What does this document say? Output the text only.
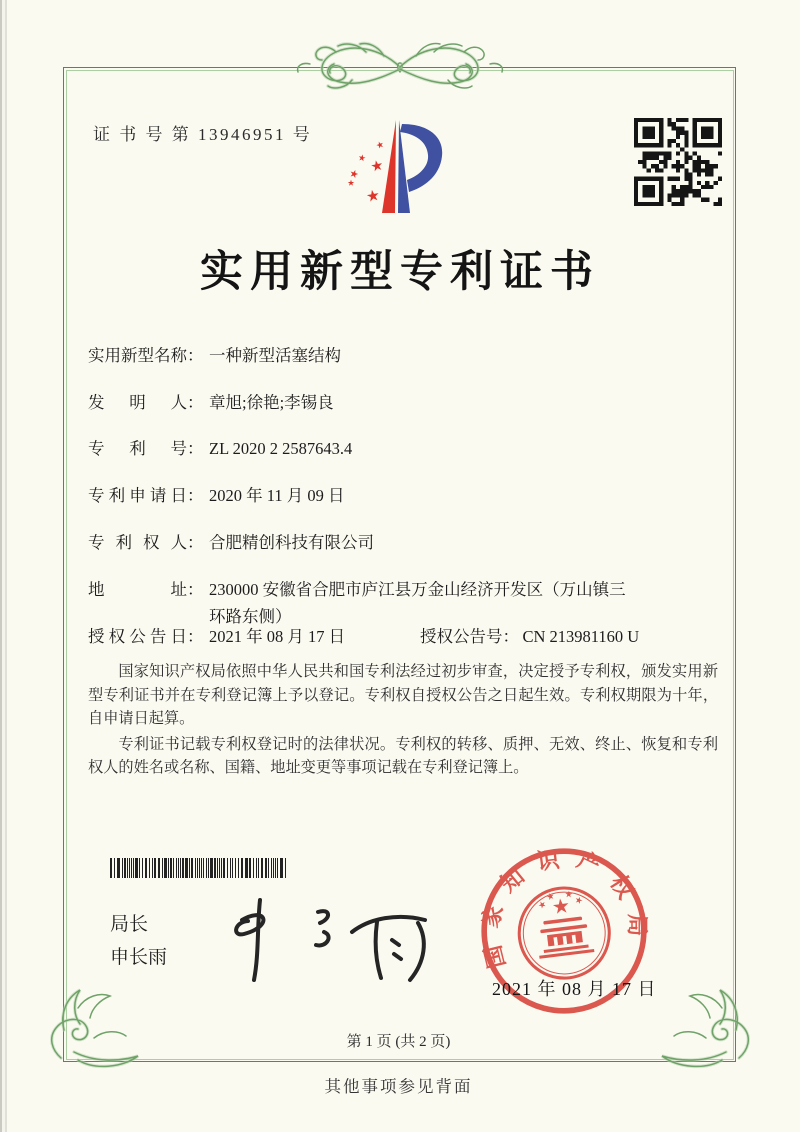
证 书 号 第 13946951 号
实用新型专利证书
实用新型名称 ： 一种新型活塞结构
发明人 ： 章旭;徐艳;李锡良
专利号 ： ZL 2020 2 2587643.4
专利申请日 ： 2020 年 11 月 09 日
专利权人 ： 合肥精创科技有限公司
地址 ： 230000 安徽省合肥市庐江县万金山经济开发区（万山镇三环路东侧）
授权公告日 ： 2021 年 08 月 17 日	授权公告号 ： CN 213981160 U

国家知识产权局依照中华人民共和国专利法经过初步审查，决定授予专利权，颁发实用新型专利证书并在专利登记簿上予以登记。专利权自授权公告之日起生效。专利权期限为十年，自申请日起算。

专利证书记载专利权登记时的法律状况。专利权的转移、质押、无效、终止、恢复和专利权人的姓名或名称、国籍、地址变更等事项记载在专利登记簿上。

局长
申长雨	国家知识产权局
2021 年 08 月 17 日
第 1 页 (共 2 页)
其他事项参见背面
